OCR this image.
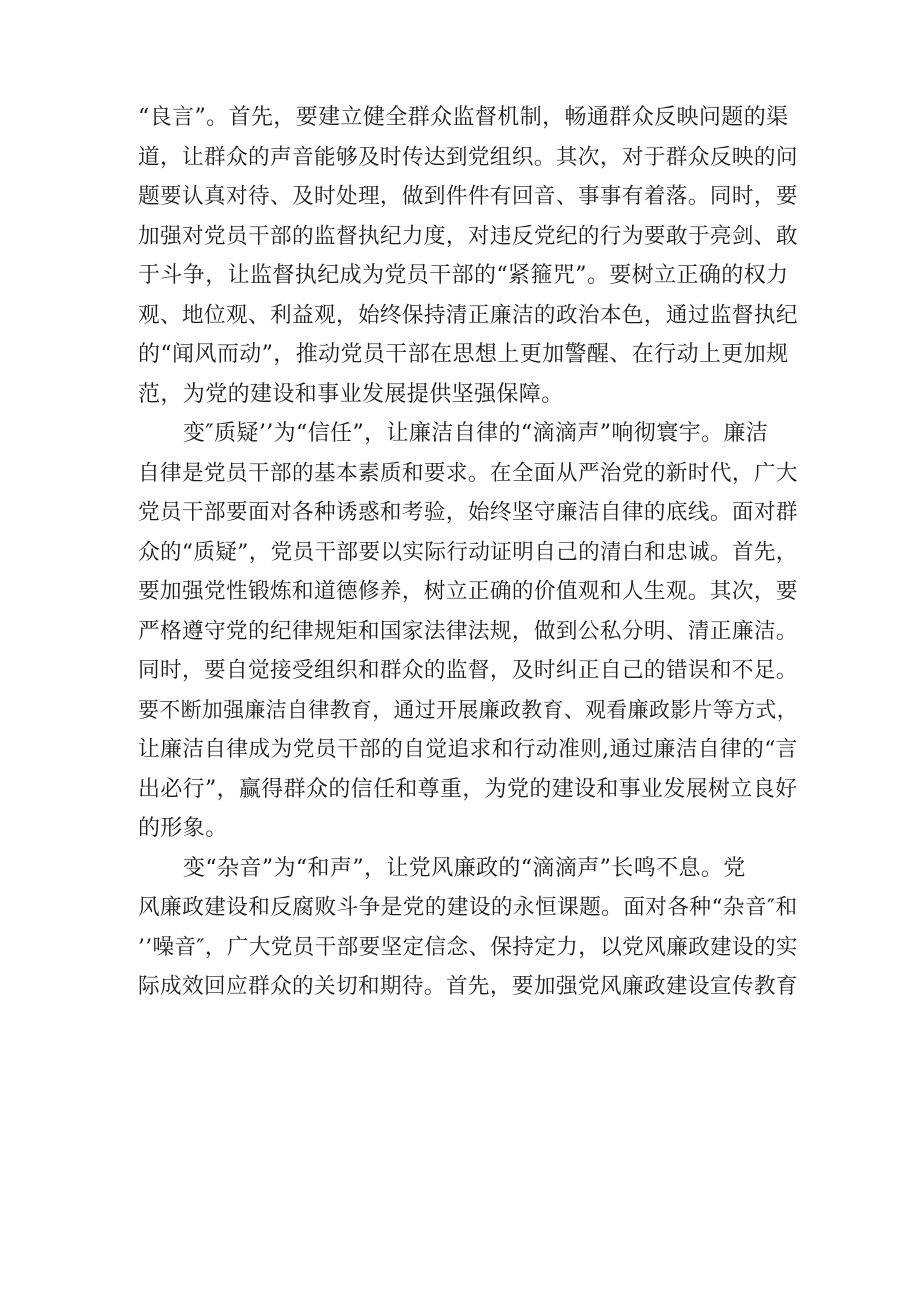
“良言”。首先，要建立健全群众监督机制，畅通群众反映问题的渠
道，让群众的声音能够及时传达到党组织。其次，对于群众反映的问
题要认真对待、及时处理，做到件件有回音、事事有着落。同时，要
加强对党员干部的监督执纪力度，对违反党纪的行为要敢于亮剑、敢
于斗争，让监督执纪成为党员干部的“紧箍咒”。要树立正确的权力
观、地位观、利益观，始终保持清正廉洁的政治本色，通过监督执纪
的“闻风而动”，推动党员干部在思想上更加警醒、在行动上更加规
范，为党的建设和事业发展提供坚强保障。
变″质疑’’为“信任”，让廉洁自律的“滴滴声”响彻寰宇。廉洁
自律是党员干部的基本素质和要求。在全面从严治党的新时代，广大
党员干部要面对各种诱惑和考验，始终坚守廉洁自律的底线。面对群
众的“质疑”，党员干部要以实际行动证明自己的清白和忠诚。首先，
要加强党性锻炼和道德修养，树立正确的价值观和人生观。其次，要
严格遵守党的纪律规矩和国家法律法规，做到公私分明、清正廉洁。
同时，要自觉接受组织和群众的监督，及时纠正自己的错误和不足。
要不断加强廉洁自律教育，通过开展廉政教育、观看廉政影片等方式，
让廉洁自律成为党员干部的自觉追求和行动准则,通过廉洁自律的“言
出必行”，赢得群众的信任和尊重，为党的建设和事业发展树立良好
的形象。
变“杂音”为“和声”，让党风廉政的“滴滴声”长鸣不息。党
风廉政建设和反腐败斗争是党的建设的永恒课题。面对各种“杂音″和
’’噪音″，广大党员干部要坚定信念、保持定力，以党风廉政建设的实
际成效回应群众的关切和期待。首先，要加强党风廉政建设宣传教育
